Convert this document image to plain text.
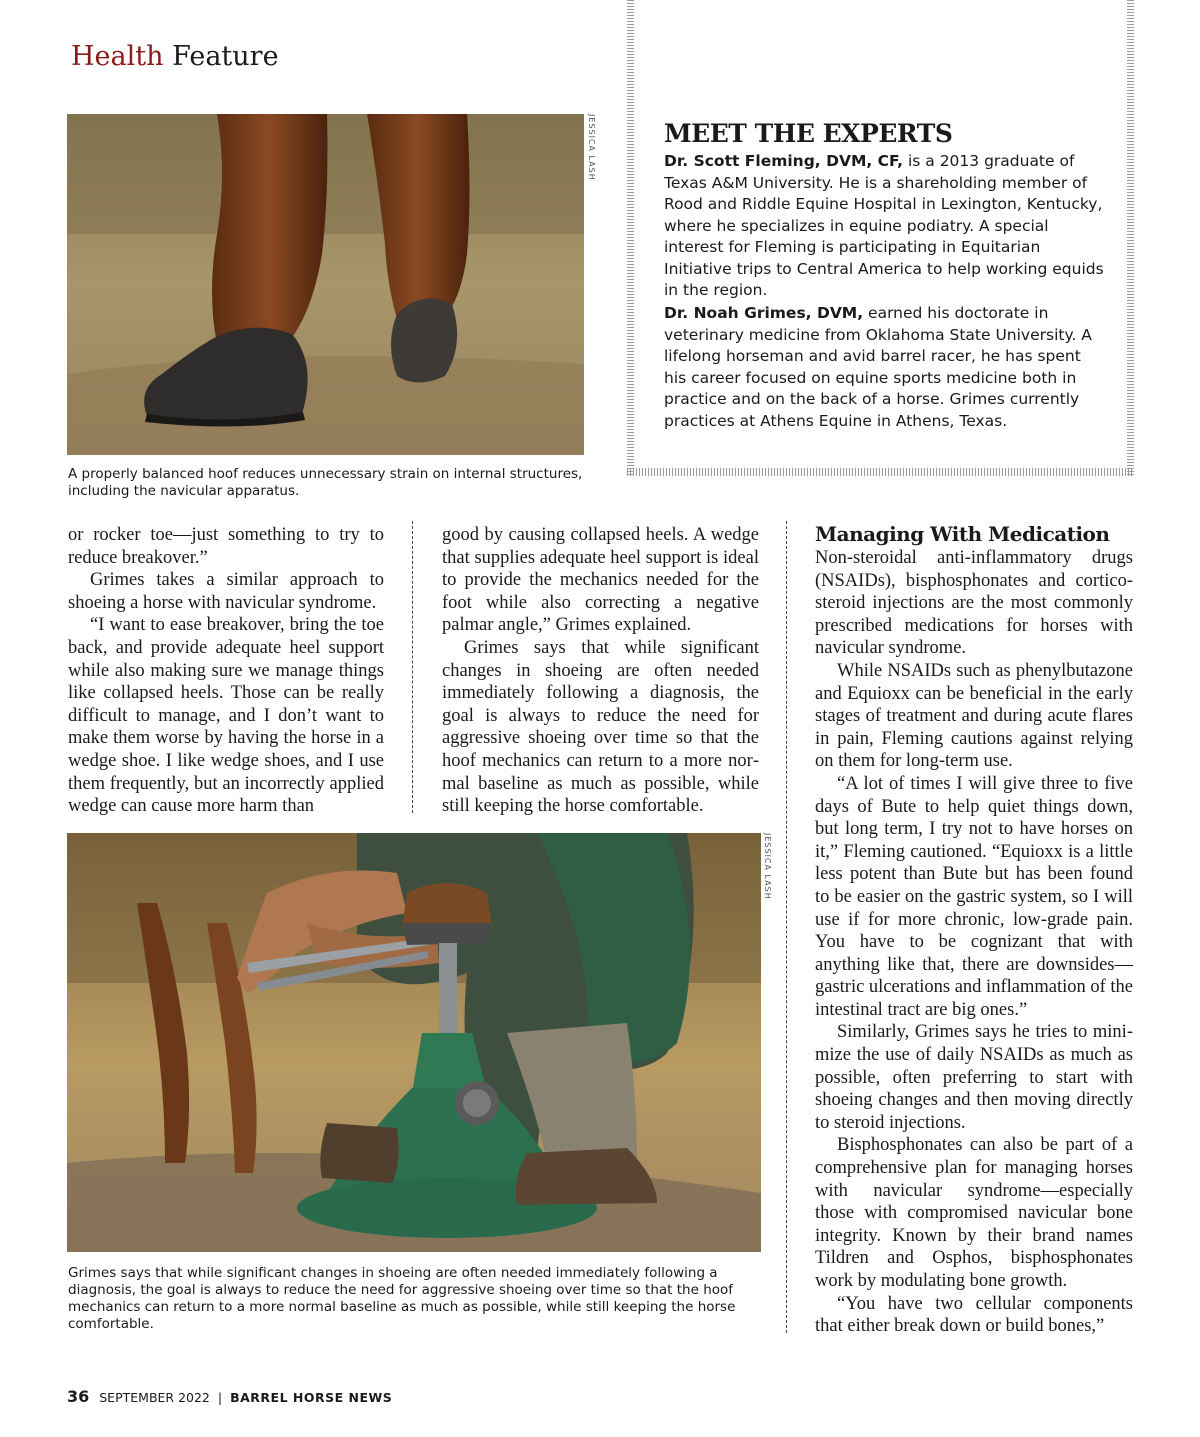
Health Feature
JESSICA LASH
A properly balanced hoof reduces unnecessary strain on internal structures, including the navicular apparatus.
MEET THE EXPERTS
Dr. Scott Fleming, DVM, CF, is a 2013 graduate of Texas A&M University. He is a shareholding member of Rood and Riddle Equine Hospital in Lexington, Kentucky, where he specializes in equine podiatry. A special interest for Fleming is participating in Equitarian Initiative trips to Central America to help working equids in the region.
Dr. Noah Grimes, DVM, earned his doctorate in veterinary medicine from Oklahoma State University. A lifelong horseman and avid barrel racer, he has spent his career focused on equine sports medicine both in practice and on the back of a horse. Grimes currently practices at Athens Equine in Athens, Texas.

or rocker toe—just something to try to reduce breakover.”

Grimes takes a similar approach to shoeing a horse with navicular syndrome.

“I want to ease breakover, bring the toe back, and provide adequate heel support while also making sure we manage things like collapsed heels. Those can be really difficult to manage, and I don’t want to make them worse by having the horse in a wedge shoe. I like wedge shoes, and I use them frequently, but an incorrectly applied wedge can cause more harm than

good by causing collapsed heels. A wedge that supplies adequate heel support is ideal to provide the mechanics needed for the foot while also correcting a negative palmar angle,” Grimes explained.

Grimes says that while significant changes in shoeing are often needed immediately following a diagnosis, the goal is always to reduce the need for aggressive shoeing over time so that the hoof mechanics can return to a more normal baseline as much as possible, while still keeping the horse comfortable.

JESSICA LASH
Grimes says that while significant changes in shoeing are often needed immediately following a diagnosis, the goal is always to reduce the need for aggressive shoeing over time so that the hoof mechanics can return to a more normal baseline as much as possible, while still keeping the horse comfortable.
Managing With Medication

Non-steroidal anti-inflammatory drugs (NSAIDs), bisphosphonates and corticosteroid injections are the most commonly prescribed medications for horses with navicular syndrome.

While NSAIDs such as phenylbutazone and Equioxx can be beneficial in the early stages of treatment and during acute flares in pain, Fleming cautions against relying on them for long-term use.

“A lot of times I will give three to five days of Bute to help quiet things down, but long term, I try not to have horses on it,” Fleming cautioned. “Equioxx is a little less potent than Bute but has been found to be easier on the gastric system, so I will use if for more chronic, low-grade pain. You have to be cognizant that with anything like that, there are downsides—gastric ulcerations and inflammation of the intestinal tract are big ones.”

Similarly, Grimes says he tries to minimize the use of daily NSAIDs as much as possible, often preferring to start with shoeing changes and then moving directly to steroid injections.

Bisphosphonates can also be part of a comprehensive plan for managing horses with navicular syndrome—especially those with compromised navicular bone integrity. Known by their brand names Tildren and Osphos, bisphosphonates work by modulating bone growth.

“You have two cellular components that either break down or build bones,”

36 SEPTEMBER 2022 | BARREL HORSE NEWS
